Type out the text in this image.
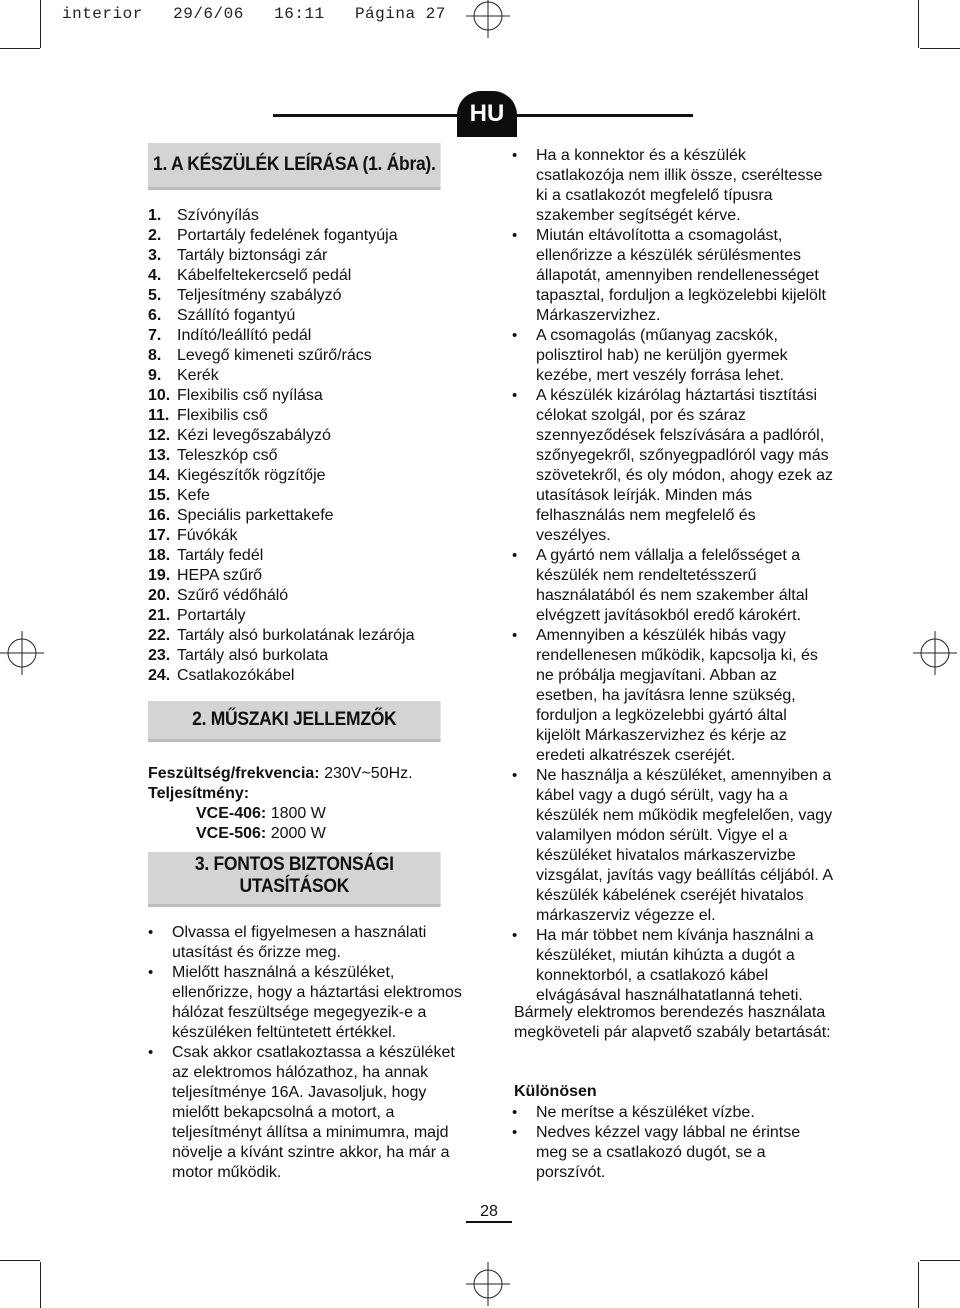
interior   29/6/06   16:11   Página 27
HU
1. A KÉSZÜLÉK LEÍRÁSA (1. Ábra).
1. Szívónyílás
2. Portartály fedelének fogantyúja
3. Tartály biztonsági zár
4. Kábelfeltekercselő pedál
5. Teljesítmény szabályzó
6. Szállító fogantyú
7. Indító/leállító pedál
8. Levegő kimeneti szűrő/rács
9. Kerék
10. Flexibilis cső nyílása
11. Flexibilis cső
12. Kézi levegőszabályzó
13. Teleszkóp cső
14. Kiegészítők rögzítője
15. Kefe
16. Speciális parkettakefe
17. Fúvókák
18. Tartály fedél
19. HEPA szűrő
20. Szűrő védőháló
21. Portartály
22. Tartály alsó burkolatának lezárója
23. Tartály alsó burkolata
24. Csatlakozókábel
2. MŰSZAKI JELLEMZŐK
Feszültség/frekvencia: 230V~50Hz.
Teljesítmény:
VCE-406: 1800 W
VCE-506: 2000 W
3. FONTOS BIZTONSÁGI
UTASÍTÁSOK
• Olvassa el figyelmesen a használati utasítást és őrizze meg.
• Mielőtt használná a készüléket, ellenőrizze, hogy a háztartási elektromos hálózat feszültsége megegyezik-e a készüléken feltüntetett értékkel.
• Csak akkor csatlakoztassa a készüléket az elektromos hálózathoz, ha annak teljesítménye 16A. Javasoljuk, hogy mielőtt bekapcsolná a motort, a teljesítményt állítsa a minimumra, majd növelje a kívánt szintre akkor, ha már a motor működik.
• Ha a konnektor és a készülék csatlakozója nem illik össze, cseréltesse ki a csatlakozót megfelelő típusra szakember segítségét kérve.
• Miután eltávolította a csomagolást, ellenőrizze a készülék sérülésmentes állapotát, amennyiben rendellenességet tapasztal, forduljon a legközelebbi kijelölt Márkaszervizhez.
• A csomagolás (műanyag zacskók, polisztirol hab) ne kerüljön gyermek kezébe, mert veszély forrása lehet.
• A készülék kizárólag háztartási tisztítási célokat szolgál, por és száraz szennyeződések felszívására a padlóról, szőnyegekről, szőnyegpadlóról vagy más szövetekről, és oly módon, ahogy ezek az utasítások leírják. Minden más felhasználás nem megfelelő és veszélyes.
• A gyártó nem vállalja a felelősséget a készülék nem rendeltetésszerű használatából és nem szakember által elvégzett javításokból eredő károkért.
• Amennyiben a készülék hibás vagy rendellenesen működik, kapcsolja ki, és ne próbálja megjavítani. Abban az esetben, ha javításra lenne szükség, forduljon a legközelebbi gyártó által kijelölt Márkaszervizhez és kérje az eredeti alkatrészek cseréjét.
• Ne használja a készüléket, amennyiben a kábel vagy a dugó sérült, vagy ha a készülék nem működik megfelelően, vagy valamilyen módon sérült. Vigye el a készüléket hivatalos márkaszervizbe vizsgálat, javítás vagy beállítás céljából. A készülék kábelének cseréjét hivatalos márkaszerviz végezze el.
• Ha már többet nem kívánja használni a készüléket, miután kihúzta a dugót a konnektorból, a csatlakozó kábel elvágásával használhatatlanná teheti.
Bármely elektromos berendezés használata megköveteli pár alapvető szabály betartását:
Különösen
• Ne merítse a készüléket vízbe.
• Nedves kézzel vagy lábbal ne érintse meg se a csatlakozó dugót, se a porszívót.
28
